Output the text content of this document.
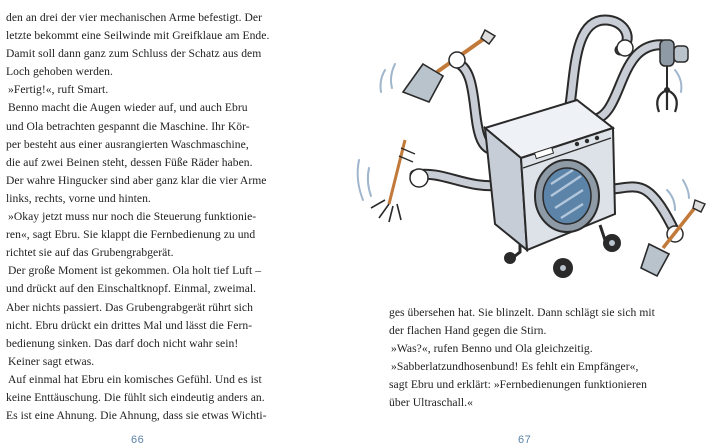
den an drei der vier mechanischen Arme befestigt. Der
letzte bekommt eine Seilwinde mit Greifklaue am Ende.
Damit soll dann ganz zum Schluss der Schatz aus dem
Loch gehoben werden.
»Fertig!«, ruft Smart.
Benno macht die Augen wieder auf, und auch Ebru
und Ola betrachten gespannt die Maschine. Ihr Kör-
per besteht aus einer ausrangierten Waschmaschine,
die auf zwei Beinen steht, dessen Füße Räder haben.
Der wahre Hingucker sind aber ganz klar die vier Arme
links, rechts, vorne und hinten.
»Okay jetzt muss nur noch die Steuerung funktionie-
ren«, sagt Ebru. Sie klappt die Fernbedienung zu und
richtet sie auf das Grubengrabgerät.
Der große Moment ist gekommen. Ola holt tief Luft –
und drückt auf den Einschaltknopf. Einmal, zweimal.
Aber nichts passiert. Das Grubengrabgerät rührt sich
nicht. Ebru drückt ein drittes Mal und lässt die Fern-
bedienung sinken. Das darf doch nicht wahr sein!
Keiner sagt etwas.
Auf einmal hat Ebru ein komisches Gefühl. Und es ist
keine Enttäuschung. Die fühlt sich eindeutig anders an.
Es ist eine Ahnung. Die Ahnung, dass sie etwas Wichti-
66
ges übersehen hat. Sie blinzelt. Dann schlägt sie sich mit
der flachen Hand gegen die Stirn.
»Was?«, rufen Benno und Ola gleichzeitig.
»Sabberlatzundhosenbund! Es fehlt ein Empfänger«,
sagt Ebru und erklärt: »Fernbedienungen funktionieren
über Ultraschall.«
67
